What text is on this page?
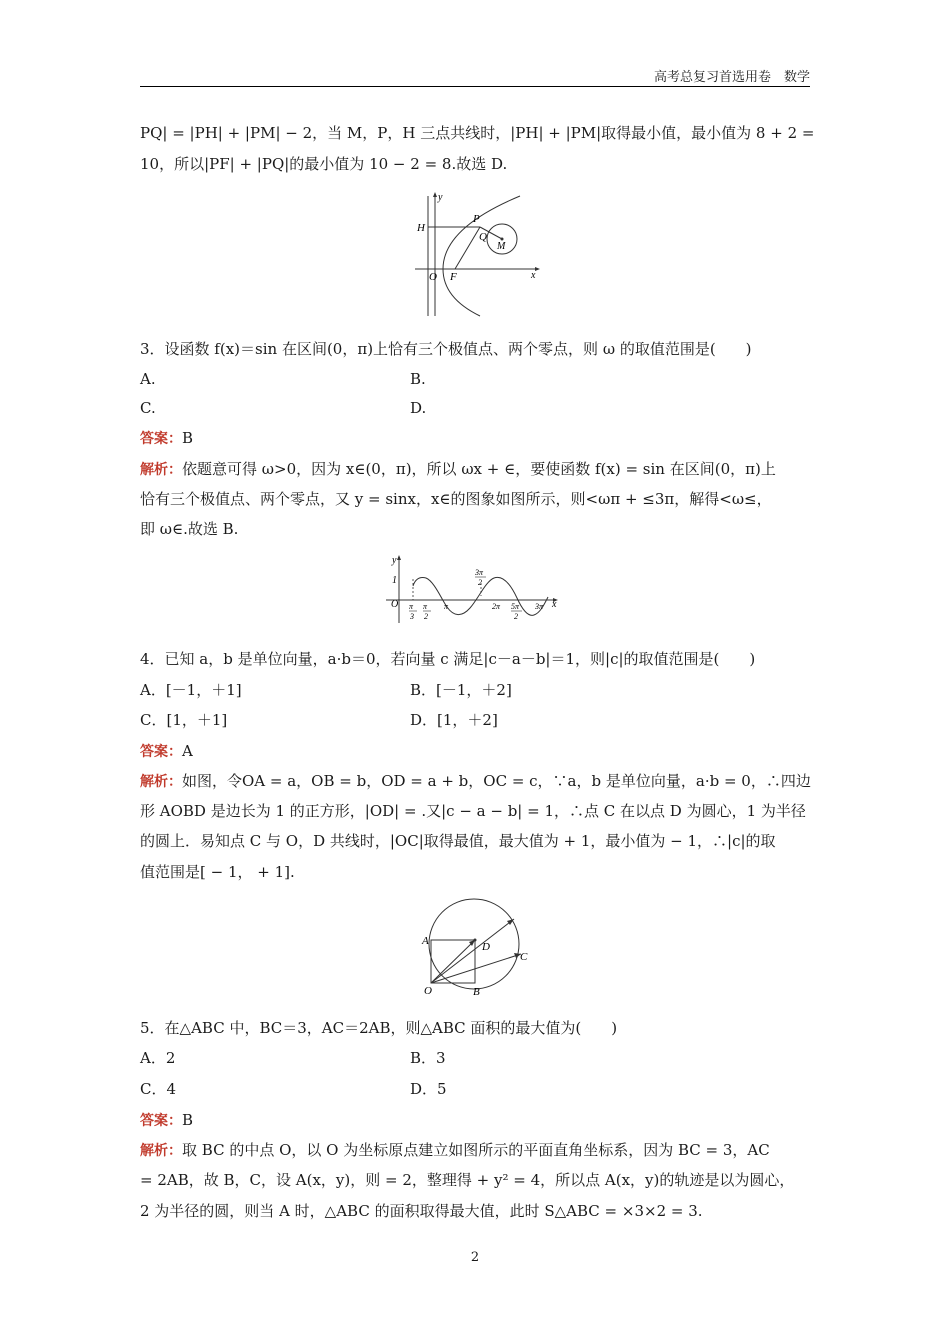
高考总复习首选用卷　数学
PQ| = |PH| + |PM| − 2，当 M，P，H 三点共线时，|PH| + |PM|取得最小值，最小值为 8 + 2 =
10，所以|PF| + |PQ|的最小值为 10 − 2 = 8.故选 D.
y
H
P
Q
M
O F	x
3．设函数 f(x)＝sin 在区间(0，π)上恰有三个极值点、两个零点，则 ω 的取值范围是(　　)
A.	B.
C.	D.
答案：B
解析：依题意可得 ω>0，因为 x∈(0，π)，所以 ωx + ∈，要使函数 f(x) = sin 在区间(0，π)上
恰有三个极值点、两个零点，又 y = sinx，x∈的图象如图所示，则<ωπ + ≤3π，解得<ω≤，
即 ω∈.故选 B.
y
1
O	x
π
3
π
2
π
3π
2
2π 5π
2
3π
4．已知 a，b 是单位向量，a·b＝0，若向量 c 满足|c－a－b|＝1，则|c|的取值范围是(　　)
A．[－1，＋1]	B．[－1，＋2]
C．[1，＋1]	D．[1，＋2]
答案：A
解析：如图，令OA = a，OB = b，OD = a + b，OC = c，∵a，b 是单位向量，a·b = 0，∴四边
形 AOBD 是边长为 1 的正方形，|OD| = .又|c − a − b| = 1，∴点 C 在以点 D 为圆心，1 为半径
的圆上．易知点 C 与 O，D 共线时，|OC|取得最值，最大值为 + 1，最小值为 − 1，∴|c|的取
值范围是[ − 1， + 1].
A	D
C
O	B
5．在△ABC 中，BC＝3，AC＝2AB，则△ABC 面积的最大值为(　　)
A．2	B．3
C．4	D．5
答案：B
解析：取 BC 的中点 O，以 O 为坐标原点建立如图所示的平面直角坐标系，因为 BC = 3，AC
= 2AB，故 B，C，设 A(x，y)，则 = 2，整理得 + y² = 4，所以点 A(x，y)的轨迹是以为圆心，
2 为半径的圆，则当 A 时，△ABC 的面积取得最大值，此时 S△ABC = ×3×2 = 3.
2
